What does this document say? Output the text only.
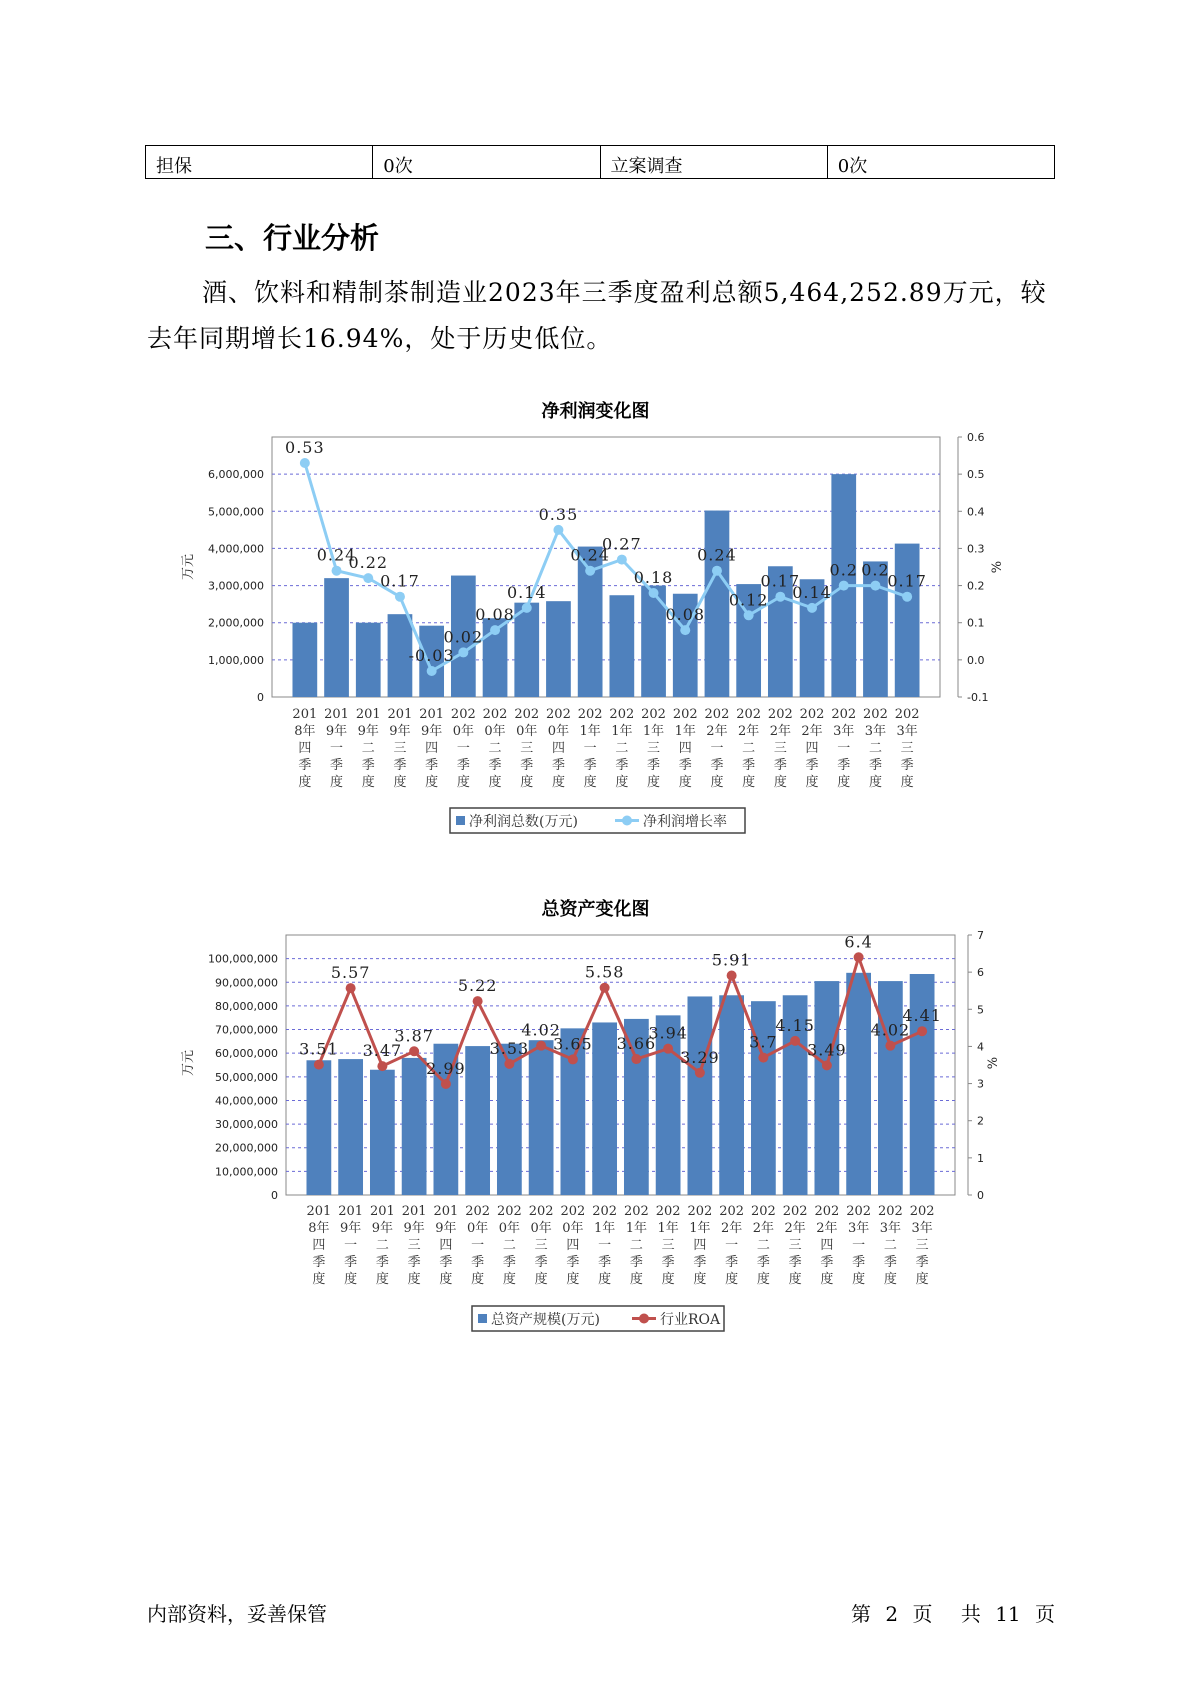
担保	0次	立案调查	0次
三、行业分析

酒、饮料和精制茶制造业2023年三季度盈利总额5,464,252.89万元，较去年同期增长16.94%，处于历史低位。

净利润变化图
0
1,000,000
2,000,000
3,000,000
4,000,000
5,000,000
6,000,000
-0.1
0.0
0.1
0.2
0.3
0.4
0.5
0.6
万元	%
201
8年
四
季
度
201
9年
一
季
度
201
9年
二
季
度
201
9年
三
季
度
201
9年
四
季
度
202
0年
一
季
度
202
0年
二
季
度
202
0年
三
季
度
202
0年
四
季
度
202
1年
一
季
度
202
1年
二
季
度
202
1年
三
季
度
202
1年
四
季
度
202
2年
一
季
度
202
2年
二
季
度
202
2年
三
季
度
202
2年
四
季
度
202
3年
一
季
度
202
3年
二
季
度
202
3年
三
季
度
0.53
0.24
0.22
0.17
-0.03
0.02
0.08
0.14
0.35
0.24
0.27
0.18
0.08
0.24
0.12
0.17
0.14
0.2 0.2
0.17
净利润总数(万元)	净利润增长率
总资产变化图
0
10,000,000
20,000,000
30,000,000
40,000,000
50,000,000
60,000,000
70,000,000
80,000,000
90,000,000
100,000,000
0
1
2
3
4
5
6
7
万元	%
201
8年
四
季
度
201
9年
一
季
度
201
9年
二
季
度
201
9年
三
季
度
201
9年
四
季
度
202
0年
一
季
度
202
0年
二
季
度
202
0年
三
季
度
202
0年
四
季
度
202
1年
一
季
度
202
1年
二
季
度
202
1年
三
季
度
202
1年
四
季
度
202
2年
一
季
度
202
2年
二
季
度
202
2年
三
季
度
202
2年
四
季
度
202
3年
一
季
度
202
3年
二
季
度
202
3年
三
季
度
3.51
5.57
3.47
3.87
2.99
5.22
3.53
4.02
3.65
5.58
3.66
3.94
3.29
5.91
3.7
4.15
3.49
6.4
4.02
4.41
总资产规模(万元)	行业ROA
内部资料，妥善保管	第 2 页 共 11 页
